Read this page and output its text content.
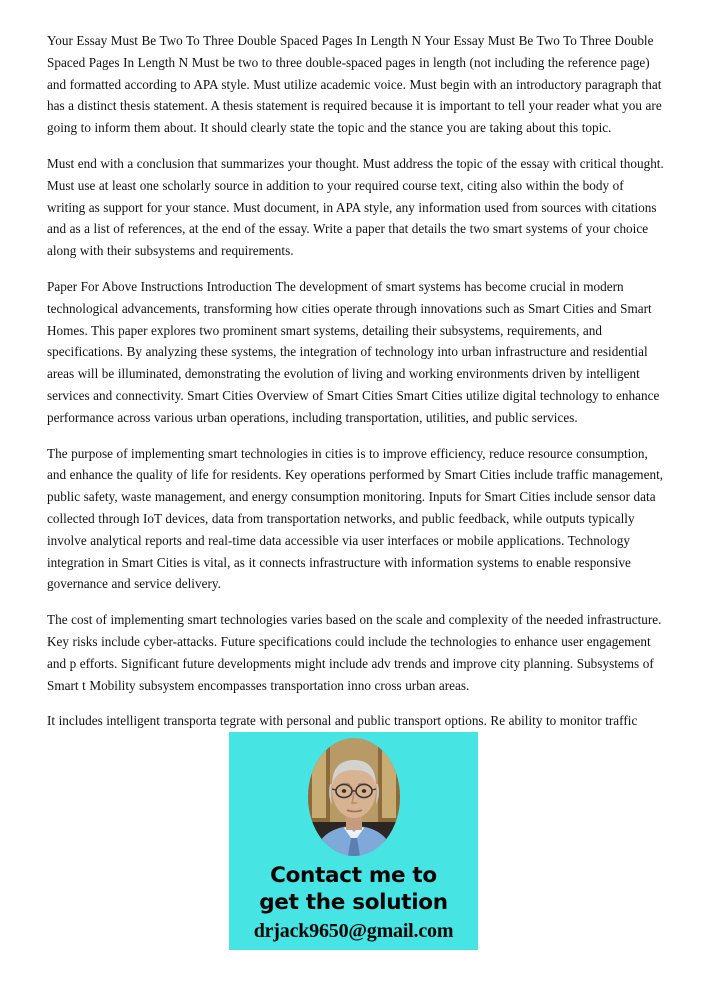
Your Essay Must Be Two To Three Double Spaced Pages In Length N Your Essay Must Be Two To Three Double Spaced Pages In Length N Must be two to three double-spaced pages in length (not including the reference page) and formatted according to APA style. Must utilize academic voice. Must begin with an introductory paragraph that has a distinct thesis statement. A thesis statement is required because it is important to tell your reader what you are going to inform them about. It should clearly state the topic and the stance you are taking about this topic.

Must end with a conclusion that summarizes your thought. Must address the topic of the essay with critical thought. Must use at least one scholarly source in addition to your required course text, citing also within the body of writing as support for your stance. Must document, in APA style, any information used from sources with citations and as a list of references, at the end of the essay. Write a paper that details the two smart systems of your choice along with their subsystems and requirements.

Paper For Above Instructions Introduction The development of smart systems has become crucial in modern technological advancements, transforming how cities operate through innovations such as Smart Cities and Smart Homes. This paper explores two prominent smart systems, detailing their subsystems, requirements, and specifications. By analyzing these systems, the integration of technology into urban infrastructure and residential areas will be illuminated, demonstrating the evolution of living and working environments driven by intelligent services and connectivity. Smart Cities Overview of Smart Cities Smart Cities utilize digital technology to enhance performance across various urban operations, including transportation, utilities, and public services.

The purpose of implementing smart technologies in cities is to improve efficiency, reduce resource consumption, and enhance the quality of life for residents. Key operations performed by Smart Cities include traffic management, public safety, waste management, and energy consumption monitoring. Inputs for Smart Cities include sensor data collected through IoT devices, data from transportation networks, and public feedback, while outputs typically involve analytical reports and real-time data accessible via user interfaces or mobile applications. Technology integration in Smart Cities is vital, as it connects infrastructure with information systems to enable responsive governance and service delivery.

The cost of implementing smart technologies varies based on the scale and complexity of the needed infrastructure. Key risks include cyber-attacks. Future specifications could include the technologies to enhance user engagement and p efforts. Significant future developments might include adv trends and improve city planning. Subsystems of Smart t Mobility subsystem encompasses transportation inno cross urban areas.

It includes intelligent transporta tegrate with personal and public transport options. Re ability to monitor traffic

Contact me to
get the solution
drjack9650@gmail.com
